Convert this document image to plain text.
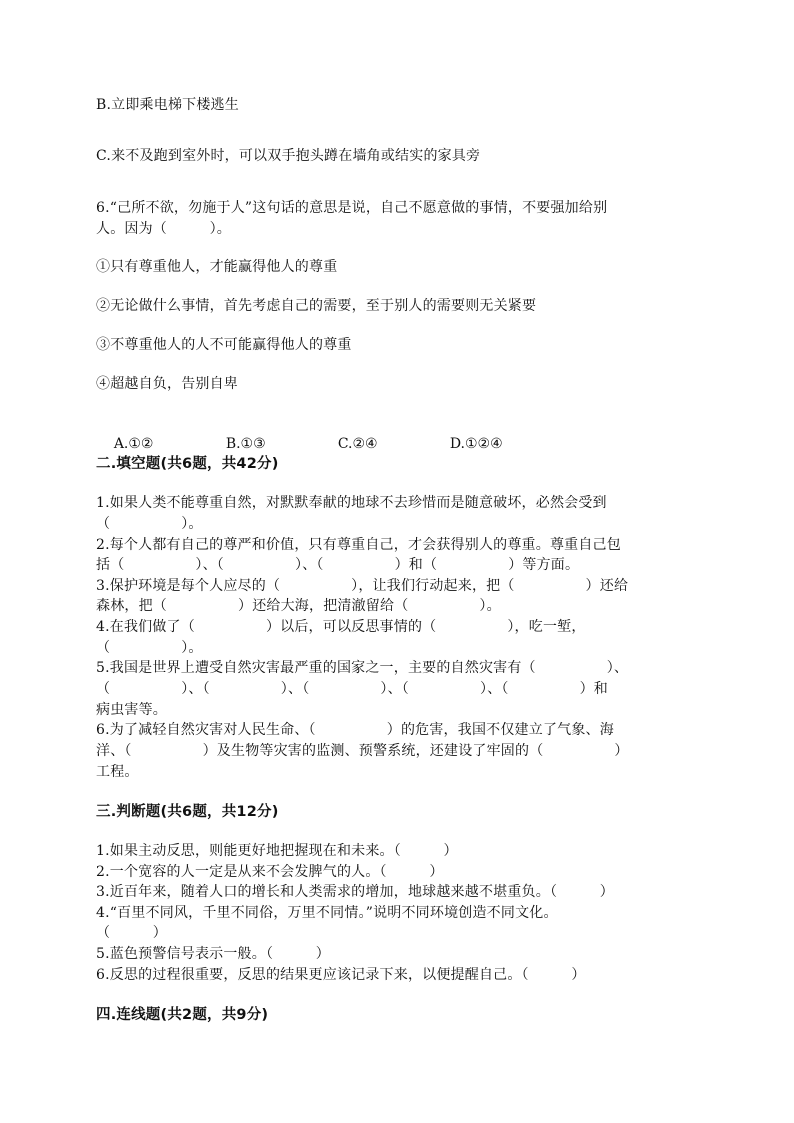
B.立即乘电梯下楼逃生
C.来不及跑到室外时，可以双手抱头蹲在墙角或结实的家具旁
6.“己所不欲，勿施于人”这句话的意思是说，自己不愿意做的事情，不要强加给别
人。因为（　　　）。
①只有尊重他人，才能赢得他人的尊重
②无论做什么事情，首先考虑自己的需要，至于别人的需要则无关紧要
③不尊重他人的人不可能赢得他人的尊重
④超越自负，告别自卑

A.①②	B.①③	C.②④	D.①②④

二.填空题(共6题，共42分)
1.如果人类不能尊重自然，对默默奉献的地球不去珍惜而是随意破坏，必然会受到
（　　　　　）。
2.每个人都有自己的尊严和价值，只有尊重自己，才会获得别人的尊重。尊重自己包
括（　　　　　）、（　　　　　）、（　　　　　）和（　　　　　）等方面。
3.保护环境是每个人应尽的（　　　　　），让我们行动起来，把（　　　　　）还给
森林，把（　　　　　）还给大海，把清澈留给（　　　　　）。
4.在我们做了（　　　　　）以后，可以反思事情的（　　　　　），吃一堑，
（　　　　　）。
5.我国是世界上遭受自然灾害最严重的国家之一，主要的自然灾害有（　　　　　）、
（　　　　　）、（　　　　　）、（　　　　　）、（　　　　　）、（　　　　　）和
病虫害等。
6.为了减轻自然灾害对人民生命、（　　　　　）的危害，我国不仅建立了气象、海
洋、（　　　　　）及生物等灾害的监测、预警系统，还建设了牢固的（　　　　　）
工程。
三.判断题(共6题，共12分)
1.如果主动反思，则能更好地把握现在和未来。（　　　）
2.一个宽容的人一定是从来不会发脾气的人。（　　　）
3.近百年来，随着人口的增长和人类需求的增加，地球越来越不堪重负。（　　　）
4.“百里不同风，千里不同俗，万里不同情。”说明不同环境创造不同文化。
（　　　）
5.蓝色预警信号表示一般。（　　　）
6.反思的过程很重要，反思的结果更应该记录下来，以便提醒自己。（　　　）
四.连线题(共2题，共9分)
